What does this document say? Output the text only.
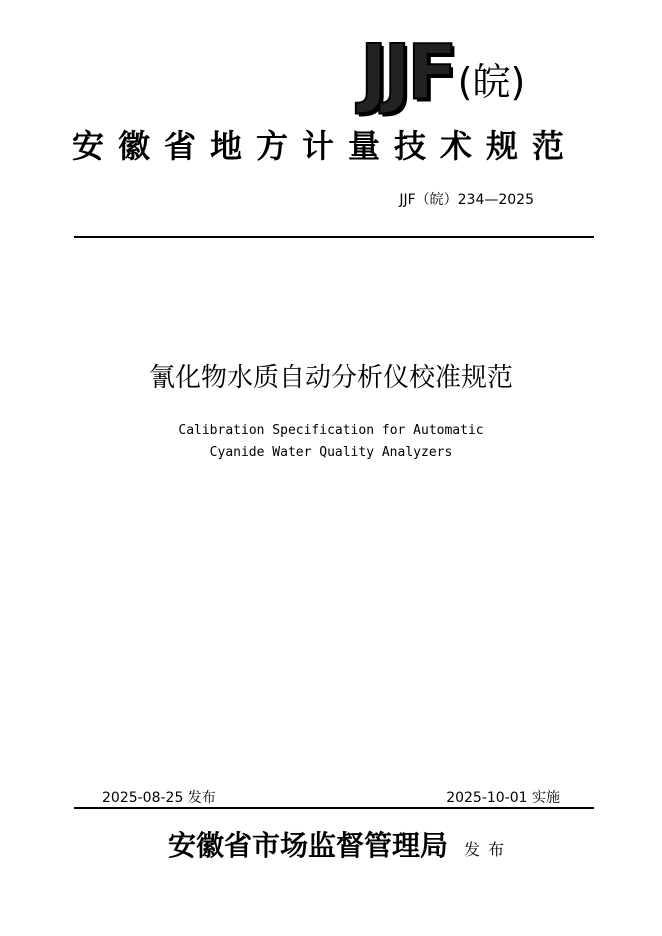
JJF (皖)
安徽省地方计量技术规范
JJF（皖）234—2025
氰化物水质自动分析仪校准规范
Calibration Specification for Automatic
Cyanide Water Quality Analyzers
2025-08-25 发布	2025-10-01 实施
安徽省市场监督管理局 发布
